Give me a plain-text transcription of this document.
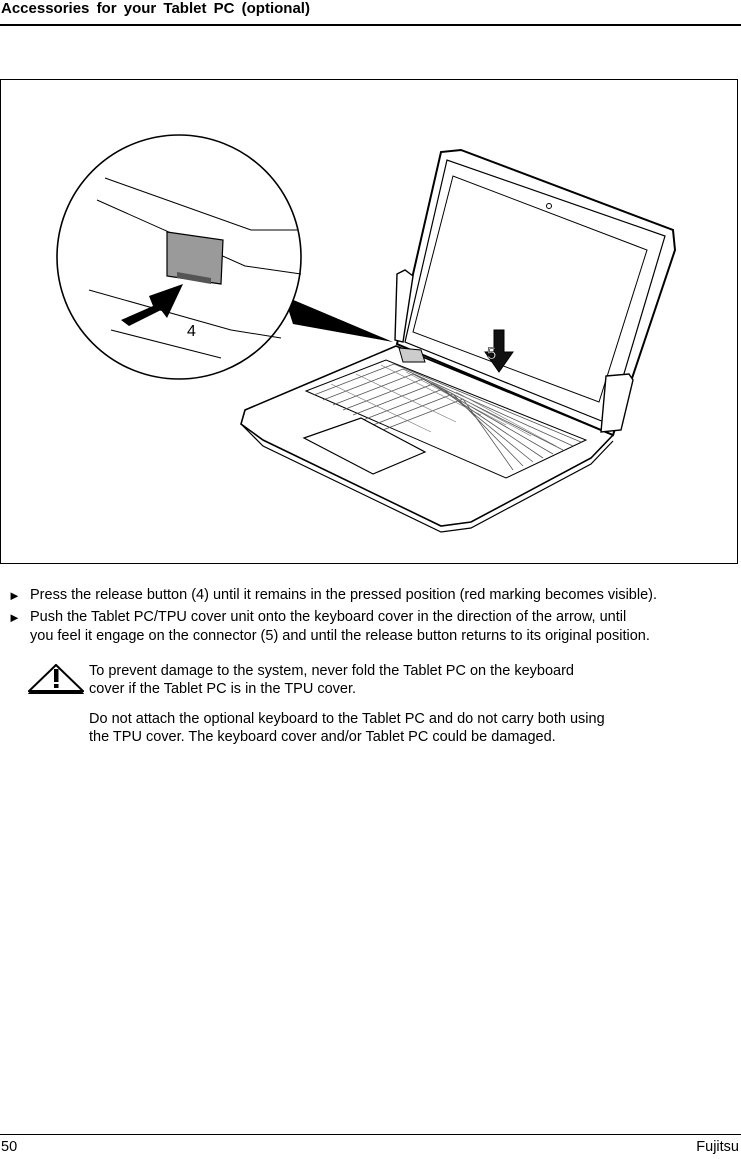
Accessories for your Tablet PC (optional)
5
4
► Press the release button (4) until it remains in the pressed position (red marking becomes visible).
► Push the Tablet PC/TPU cover unit onto the keyboard cover in the direction of the arrow, until
you feel it engage on the connector (5) and until the release button returns to its original position.
To prevent damage to the system, never fold the Tablet PC on the keyboard
cover if the Tablet PC is in the TPU cover.
Do not attach the optional keyboard to the Tablet PC and do not carry both using
the TPU cover. The keyboard cover and/or Tablet PC could be damaged.
50	Fujitsu
